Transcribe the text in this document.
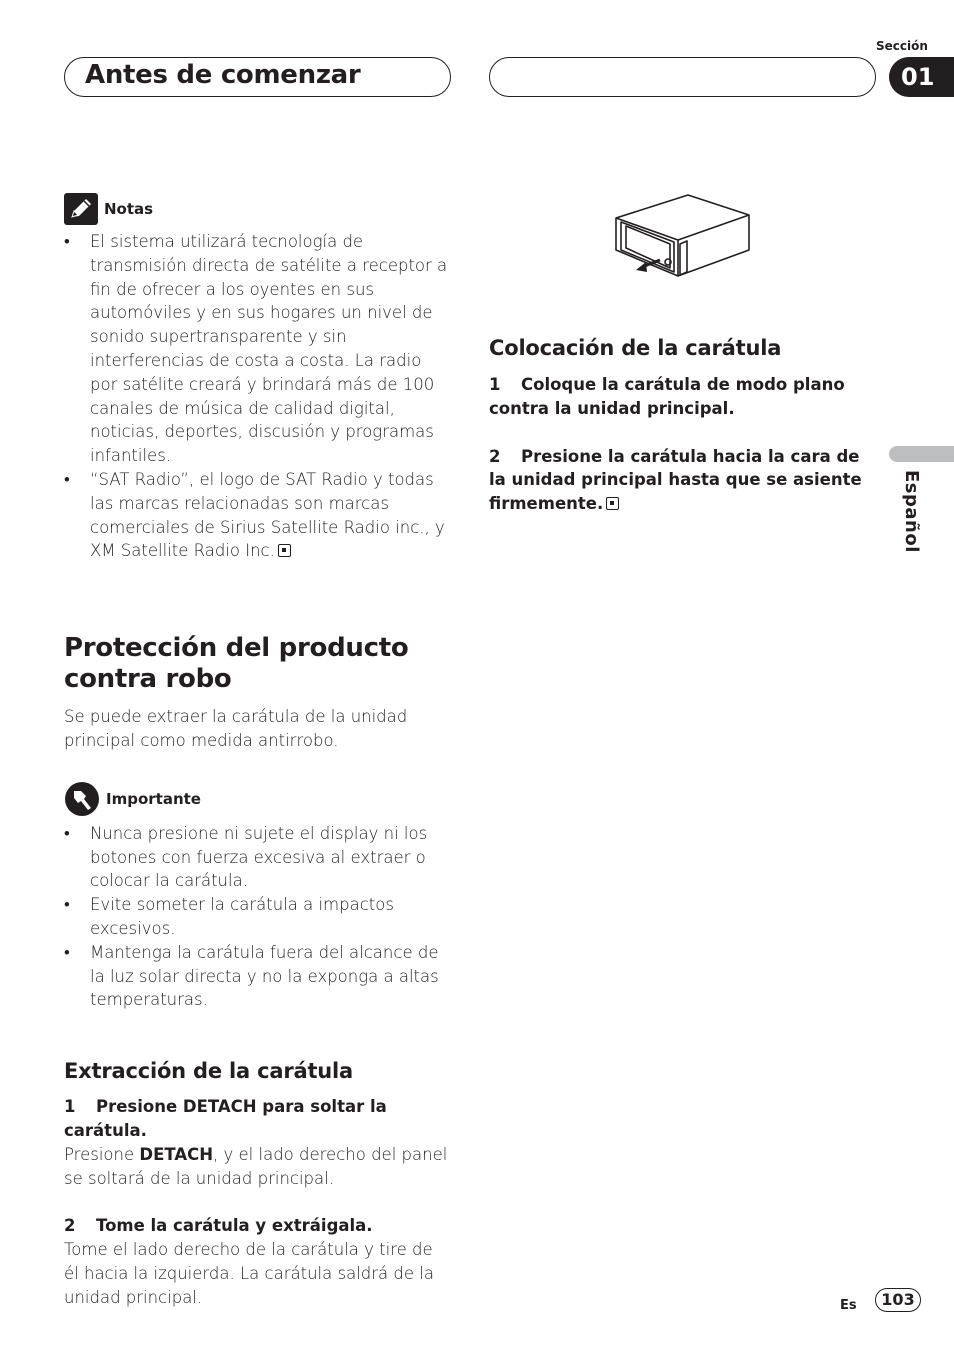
Antes de comenzar
Sección
01
Español
Notas
• El sistema utilizará tecnología de transmisión directa de satélite a receptor a fin de ofrecer a los oyentes en sus automóviles y en sus hogares un nivel de sonido supertransparente y sin interferencias de costa a costa. La radio por satélite creará y brindará más de 100 canales de música de calidad digital, noticias, deportes, discusión y programas infantiles.
• “SAT Radio”, el logo de SAT Radio y todas las marcas relacionadas son marcas comerciales de Sirius Satellite Radio inc., y XM Satellite Radio Inc.
Protección del producto
contra robo

Se puede extraer la carátula de la unidad principal como medida antirrobo.

Importante
• Nunca presione ni sujete el display ni los botones con fuerza excesiva al extraer o colocar la carátula.
• Evite someter la carátula a impactos excesivos.
• Mantenga la carátula fuera del alcance de la luz solar directa y no la exponga a altas temperaturas.
Extracción de la carátula
1 Presione DETACH para soltar la carátula.

Presione DETACH, y el lado derecho del panel se soltará de la unidad principal.

2 Tome la carátula y extráigala.

Tome el lado derecho de la carátula y tire de él hacia la izquierda. La carátula saldrá de la unidad principal.

Colocación de la carátula
1 Coloque la carátula de modo plano contra la unidad principal.
2 Presione la carátula hacia la cara de la unidad principal hasta que se asiente firmemente.
Es	103
